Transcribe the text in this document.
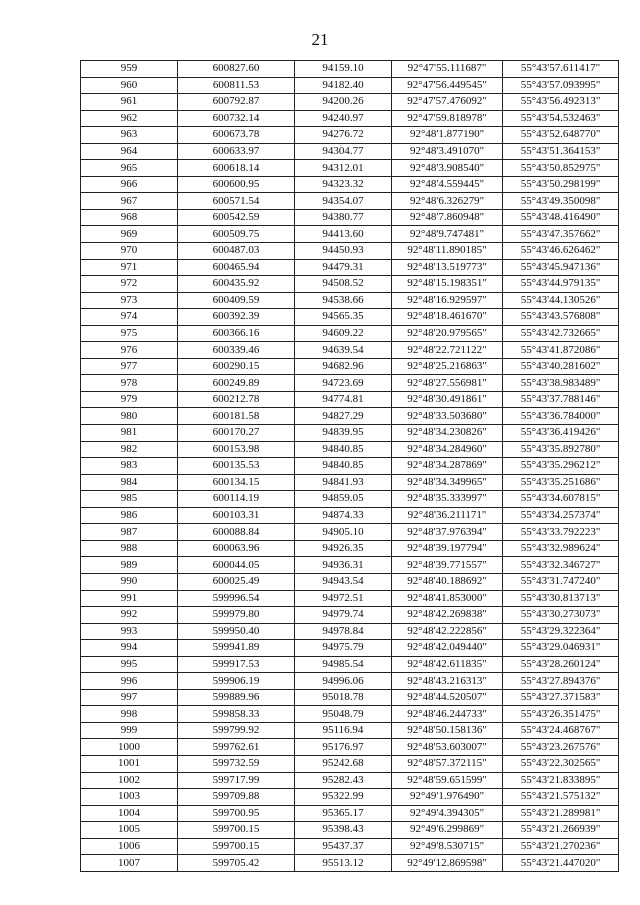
21
959	600827.60	94159.10	92°47'55.111687"	55°43'57.611417"
960	600811.53	94182.40	92°47'56.449545"	55°43'57.093995"
961	600792.87	94200.26	92°47'57.476092"	55°43'56.492313"
962	600732.14	94240.97	92°47'59.818978"	55°43'54.532463"
963	600673.78	94276.72	92°48'1.877190"	55°43'52.648770"
964	600633.97	94304.77	92°48'3.491070"	55°43'51.364153"
965	600618.14	94312.01	92°48'3.908540"	55°43'50.852975"
966	600600.95	94323.32	92°48'4.559445"	55°43'50.298199"
967	600571.54	94354.07	92°48'6.326279"	55°43'49.350098"
968	600542.59	94380.77	92°48'7.860948"	55°43'48.416490"
969	600509.75	94413.60	92°48'9.747481"	55°43'47.357662"
970	600487.03	94450.93	92°48'11.890185"	55°43'46.626462"
971	600465.94	94479.31	92°48'13.519773"	55°43'45.947136"
972	600435.92	94508.52	92°48'15.198351"	55°43'44.979135"
973	600409.59	94538.66	92°48'16.929597"	55°43'44.130526"
974	600392.39	94565.35	92°48'18.461670"	55°43'43.576808"
975	600366.16	94609.22	92°48'20.979565"	55°43'42.732665"
976	600339.46	94639.54	92°48'22.721122"	55°43'41.872086"
977	600290.15	94682.96	92°48'25.216863"	55°43'40.281602"
978	600249.89	94723.69	92°48'27.556981"	55°43'38.983489"
979	600212.78	94774.81	92°48'30.491861"	55°43'37.788146"
980	600181.58	94827.29	92°48'33.503680"	55°43'36.784000"
981	600170.27	94839.95	92°48'34.230826"	55°43'36.419426"
982	600153.98	94840.85	92°48'34.284960"	55°43'35.892780"
983	600135.53	94840.85	92°48'34.287869"	55°43'35.296212"
984	600134.15	94841.93	92°48'34.349965"	55°43'35.251686"
985	600114.19	94859.05	92°48'35.333997"	55°43'34.607815"
986	600103.31	94874.33	92°48'36.211171"	55°43'34.257374"
987	600088.84	94905.10	92°48'37.976394"	55°43'33.792223"
988	600063.96	94926.35	92°48'39.197794"	55°43'32.989624"
989	600044.05	94936.31	92°48'39.771557"	55°43'32.346727"
990	600025.49	94943.54	92°48'40.188692"	55°43'31.747240"
991	599996.54	94972.51	92°48'41.853000"	55°43'30.813713"
992	599979.80	94979.74	92°48'42.269838"	55°43'30.273073"
993	599950.40	94978.84	92°48'42.222856"	55°43'29.322364"
994	599941.89	94975.79	92°48'42.049440"	55°43'29.046931"
995	599917.53	94985.54	92°48'42.611835"	55°43'28.260124"
996	599906.19	94996.06	92°48'43.216313"	55°43'27.894376"
997	599889.96	95018.78	92°48'44.520507"	55°43'27.371583"
998	599858.33	95048.79	92°48'46.244733"	55°43'26.351475"
999	599799.92	95116.94	92°48'50.158136"	55°43'24.468767"
1000	599762.61	95176.97	92°48'53.603007"	55°43'23.267576"
1001	599732.59	95242.68	92°48'57.372115"	55°43'22.302565"
1002	599717.99	95282.43	92°48'59.651599"	55°43'21.833895"
1003	599709.88	95322.99	92°49'1.976490"	55°43'21.575132"
1004	599700.95	95365.17	92°49'4.394305"	55°43'21.289981"
1005	599700.15	95398.43	92°49'6.299869"	55°43'21.266939"
1006	599700.15	95437.37	92°49'8.530715"	55°43'21.270236"
1007	599705.42	95513.12	92°49'12.869598"	55°43'21.447020"
